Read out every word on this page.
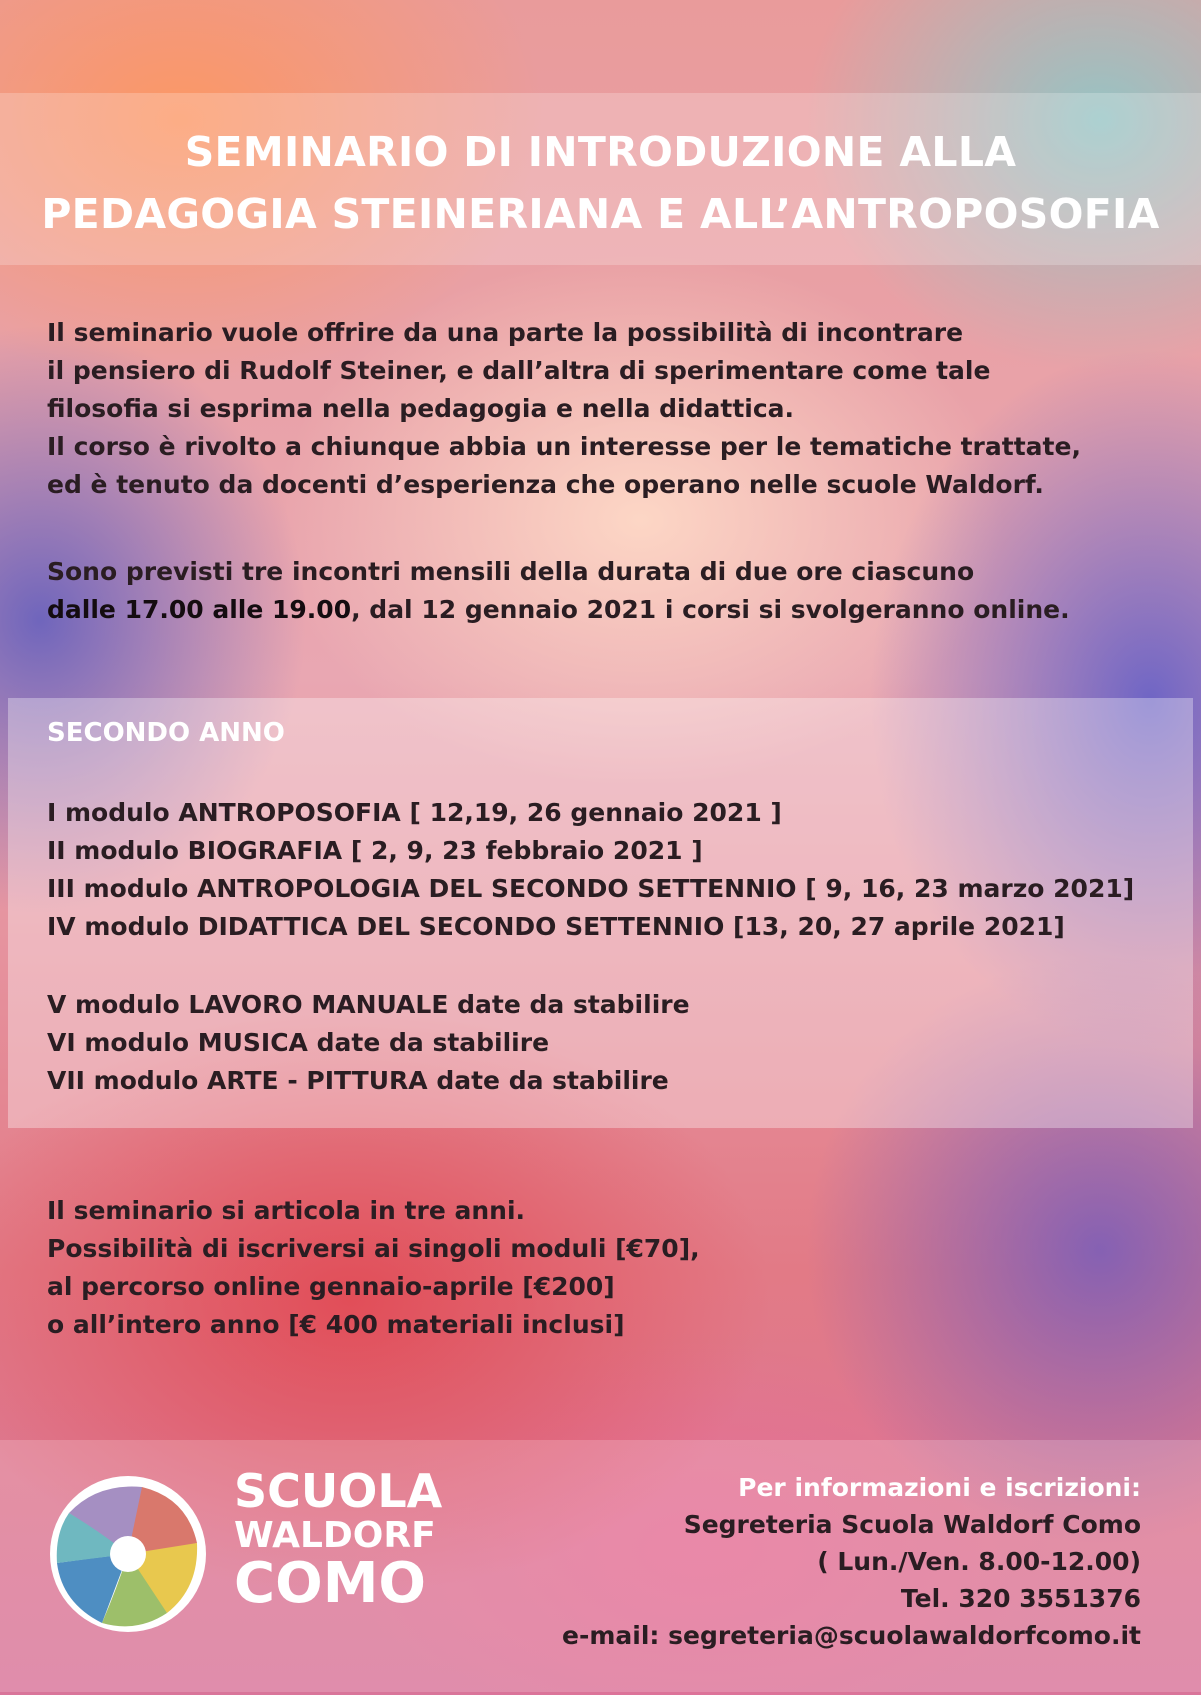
SEMINARIO DI INTRODUZIONE ALLA
PEDAGOGIA STEINERIANA E ALL’ANTROPOSOFIA
Il seminario vuole offrire da una parte la possibilità di incontrare
il pensiero di Rudolf Steiner, e dall’altra di sperimentare come tale
filosofia si esprima nella pedagogia e nella didattica.
Il corso è rivolto a chiunque abbia un interesse per le tematiche trattate,
ed è tenuto da docenti d’esperienza che operano nelle scuole Waldorf.
Sono previsti tre incontri mensili della durata di due ore ciascuno
dalle 17.00 alle 19.00, dal 12 gennaio 2021 i corsi si svolgeranno online.
SECONDO ANNO
I modulo ANTROPOSOFIA [ 12,19, 26 gennaio 2021 ]
II modulo BIOGRAFIA [ 2, 9, 23 febbraio 2021 ]
III modulo ANTROPOLOGIA DEL SECONDO SETTENNIO [ 9, 16, 23 marzo 2021]
IV modulo DIDATTICA DEL SECONDO SETTENNIO [13, 20, 27 aprile 2021]
V modulo LAVORO MANUALE date da stabilire
VI modulo MUSICA date da stabilire
VII modulo ARTE - PITTURA date da stabilire
Il seminario si articola in tre anni.
Possibilità di iscriversi ai singoli moduli [€70],
al percorso online gennaio-aprile [€200]
o all’intero anno [€ 400 materiali inclusi]
SCUOLA
WALDORF
COMO
Per informazioni e iscrizioni:
Segreteria Scuola Waldorf Como
( Lun./Ven. 8.00-12.00)
Tel. 320 3551376
e-mail: segreteria@scuolawaldorfcomo.it
